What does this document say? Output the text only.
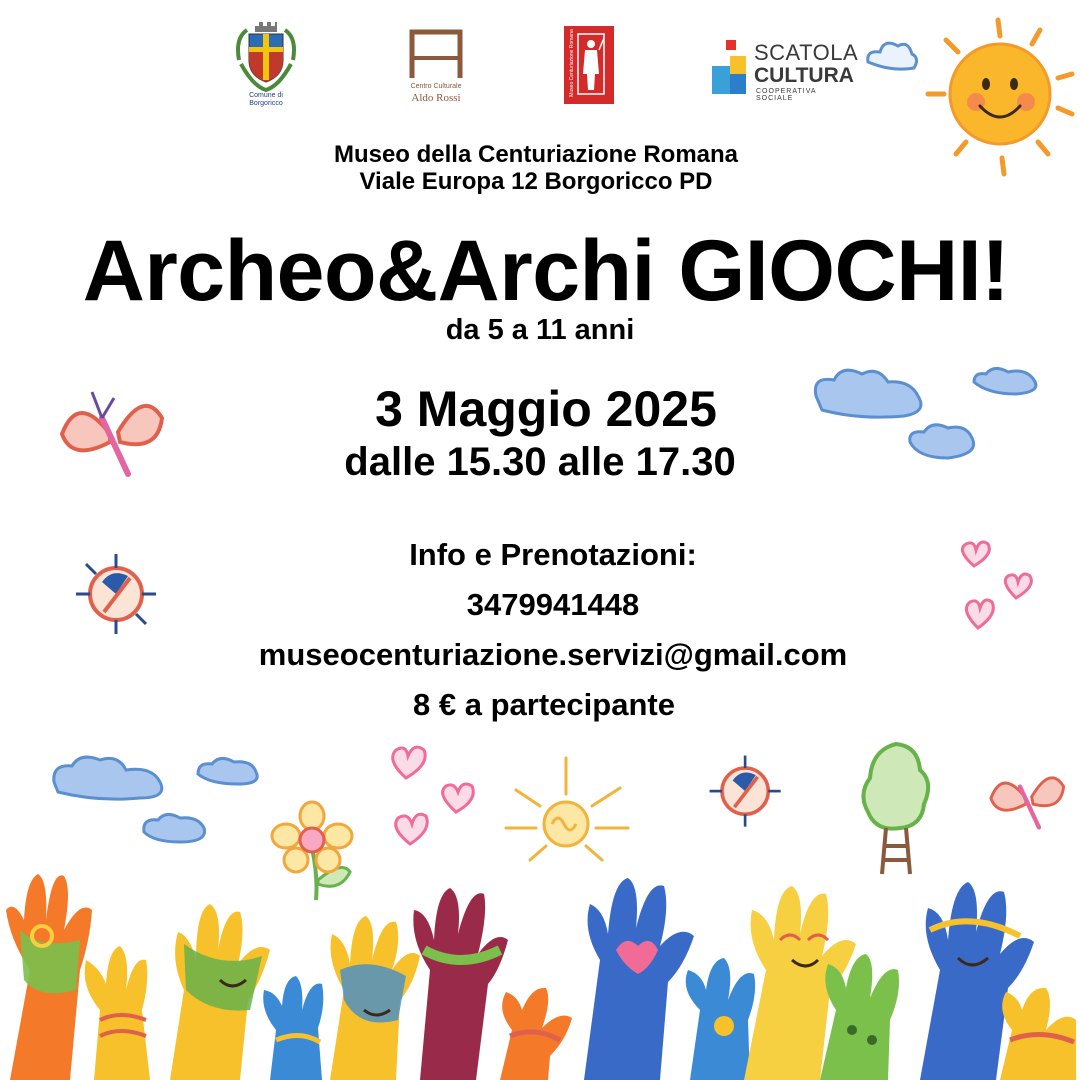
Comune di
Borgoricco
Centro Culturale
Aldo Rossi
Museo Centuriazione Romana	SCATOLA
CULTURA
COOPERATIVA SOCIALE
Museo della Centuriazione Romana
Viale Europa 12 Borgoricco PD
Archeo&Archi GIOCHI!
da 5 a 11 anni
3 Maggio 2025
dalle 15.30 alle 17.30
Info e Prenotazioni:
3479941448
museocenturiazione.servizi@gmail.com
8 € a partecipante
